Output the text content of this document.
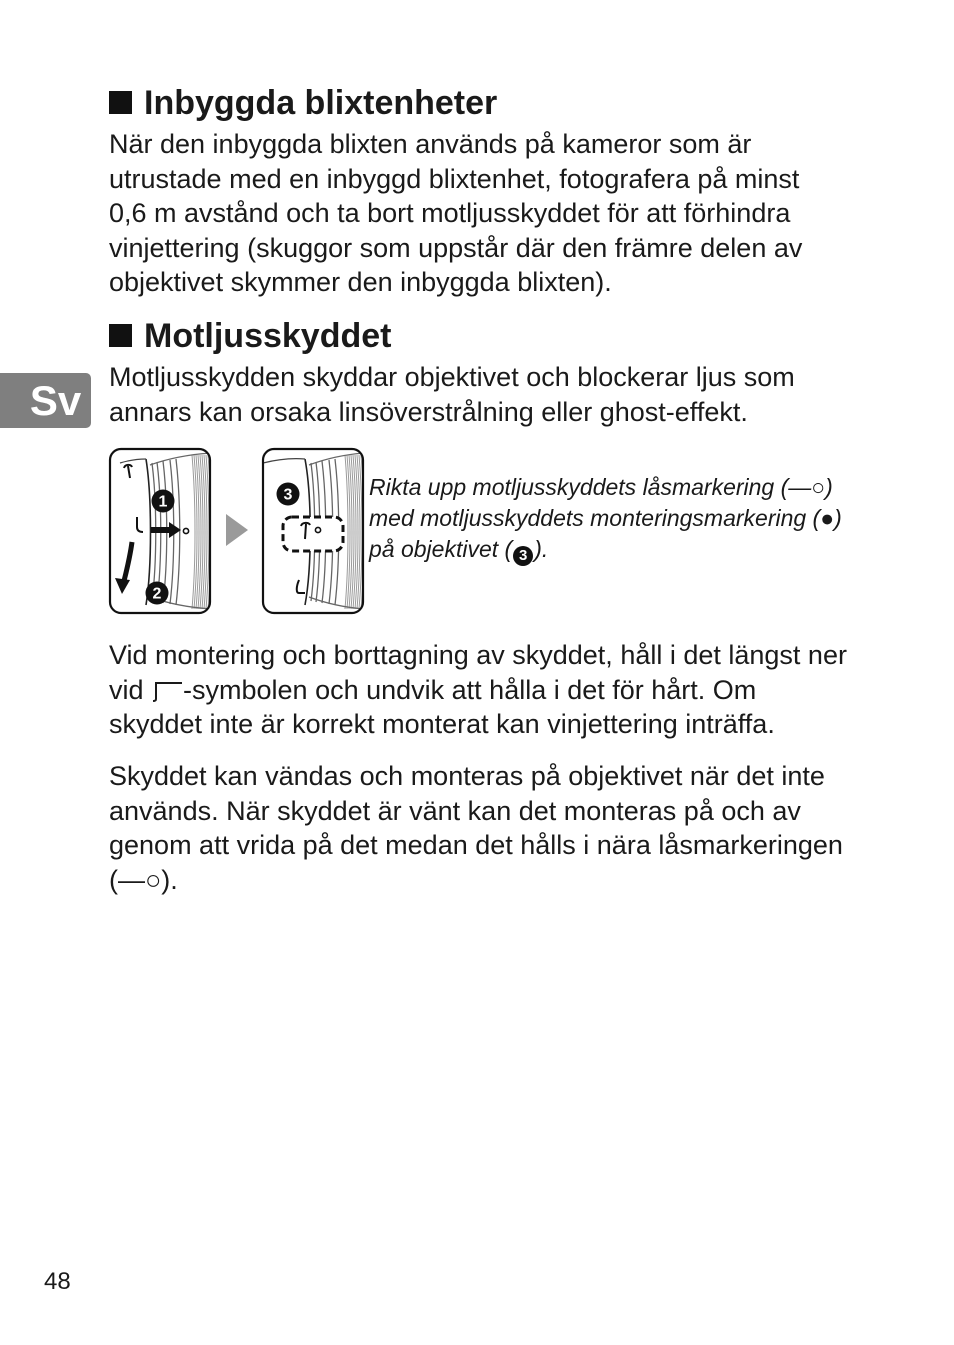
Sv
Inbyggda blixtenheter
När den inbyggda blixten används på kameror som är
utrustade med en inbyggd blixtenhet, fotografera på minst
0,6 m avstånd och ta bort motljusskyddet för att förhindra
vinjettering (skuggor som uppstår där den främre delen av
objektivet skymmer den inbyggda blixten).
Motljusskyddet
Motljusskydden skyddar objektivet och blockerar ljus som
annars kan orsaka linsöverstrålning eller ghost-effekt.
1
2
3	Rikta upp motljusskyddets låsmarkering (—○)
med motljusskyddets monteringsmarkering (●)
på objektivet ( 3 ).
Vid montering och borttagning av skyddet, håll i det längst ner
vid -symbolen och undvik att hålla i det för hårt. Om
skyddet inte är korrekt monterat kan vinjettering inträffa.
Skyddet kan vändas och monteras på objektivet när det inte
används. När skyddet är vänt kan det monteras på och av
genom att vrida på det medan det hålls i nära låsmarkeringen
(—○).
48
